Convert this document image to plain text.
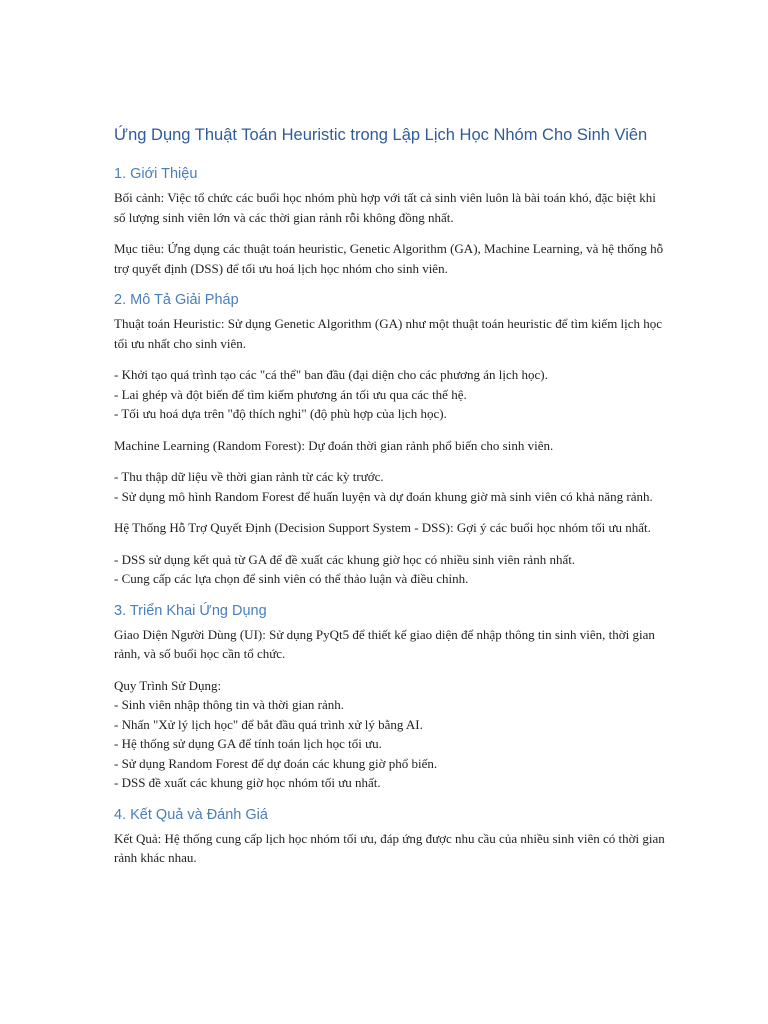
Ứng Dụng Thuật Toán Heuristic trong Lập Lịch Học Nhóm Cho Sinh Viên
1. Giới Thiệu

Bối cảnh: Việc tổ chức các buổi học nhóm phù hợp với tất cả sinh viên luôn là bài toán khó, đặc biệt khi số lượng sinh viên lớn và các thời gian rảnh rỗi không đồng nhất.

Mục tiêu: Ứng dụng các thuật toán heuristic, Genetic Algorithm (GA), Machine Learning, và hệ thống hỗ trợ quyết định (DSS) để tối ưu hoá lịch học nhóm cho sinh viên.

2. Mô Tả Giải Pháp

Thuật toán Heuristic: Sử dụng Genetic Algorithm (GA) như một thuật toán heuristic để tìm kiếm lịch học tối ưu nhất cho sinh viên.

- Khởi tạo quá trình tạo các "cá thể" ban đầu (đại diện cho các phương án lịch học).
- Lai ghép và đột biến để tìm kiếm phương án tối ưu qua các thế hệ.
- Tối ưu hoá dựa trên "độ thích nghi" (độ phù hợp của lịch học).

Machine Learning (Random Forest): Dự đoán thời gian rảnh phổ biến cho sinh viên.

- Thu thập dữ liệu về thời gian rảnh từ các kỳ trước.
- Sử dụng mô hình Random Forest để huấn luyện và dự đoán khung giờ mà sinh viên có khả năng rảnh.

Hệ Thống Hỗ Trợ Quyết Định (Decision Support System - DSS): Gợi ý các buổi học nhóm tối ưu nhất.

- DSS sử dụng kết quả từ GA để đề xuất các khung giờ học có nhiều sinh viên rảnh nhất.
- Cung cấp các lựa chọn để sinh viên có thể thảo luận và điều chỉnh.
3. Triển Khai Ứng Dụng

Giao Diện Người Dùng (UI): Sử dụng PyQt5 để thiết kế giao diện để nhập thông tin sinh viên, thời gian rảnh, và số buổi học cần tổ chức.

Quy Trình Sử Dụng:
- Sinh viên nhập thông tin và thời gian rảnh.
- Nhấn "Xử lý lịch học" để bắt đầu quá trình xử lý bằng AI.
- Hệ thống sử dụng GA để tính toán lịch học tối ưu.
- Sử dụng Random Forest để dự đoán các khung giờ phổ biến.
- DSS đề xuất các khung giờ học nhóm tối ưu nhất.
4. Kết Quả và Đánh Giá

Kết Quả: Hệ thống cung cấp lịch học nhóm tối ưu, đáp ứng được nhu cầu của nhiều sinh viên có thời gian rảnh khác nhau.
